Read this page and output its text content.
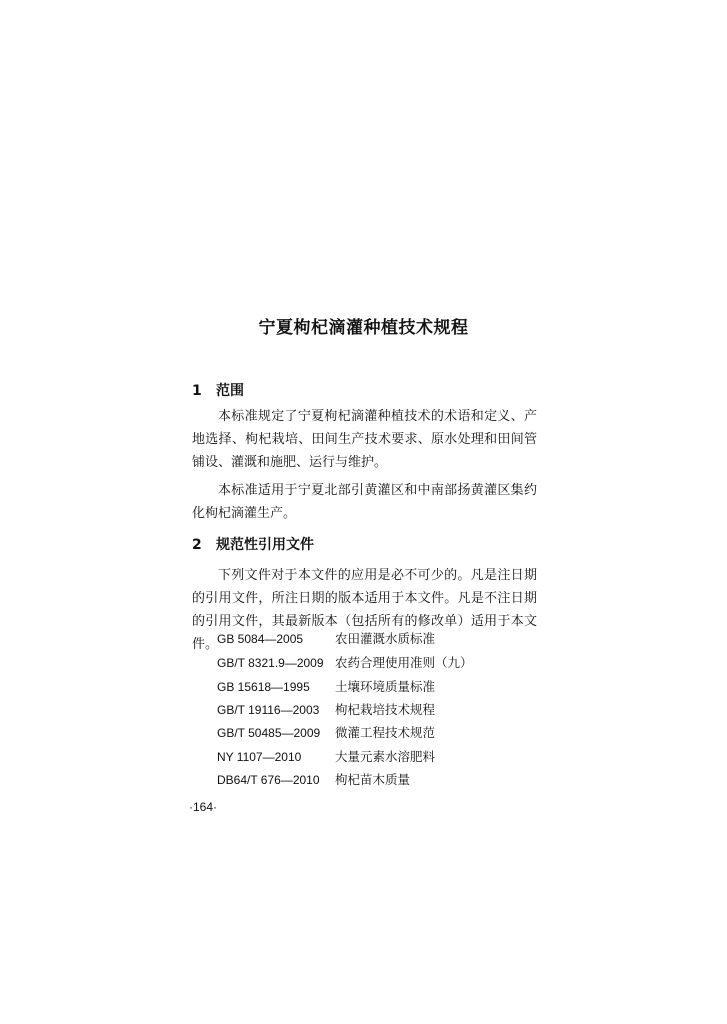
宁夏枸杞滴灌种植技术规程
1 范围

本标准规定了宁夏枸杞滴灌种植技术的术语和定义、产地选择、枸杞栽培、田间生产技术要求、原水处理和田间管铺设、灌溉和施肥、运行与维护。

本标准适用于宁夏北部引黄灌区和中南部扬黄灌区集约化枸杞滴灌生产。

2 规范性引用文件

下列文件对于本文件的应用是必不可少的。凡是注日期的引用文件，所注日期的版本适用于本文件。凡是不注日期的引用文件，其最新版本（包括所有的修改单）适用于本文件。

GB 5084—2005	农田灌溉水质标准
GB/T 8321.9—2009 农药合理使用准则（九）
GB 15618—1995 土壤环境质量标准
GB/T 19116—2003 枸杞栽培技术规程
GB/T 50485—2009 微灌工程技术规范
NY 1107—2010	大量元素水溶肥料
DB64/T 676—2010 枸杞苗木质量
·164·
